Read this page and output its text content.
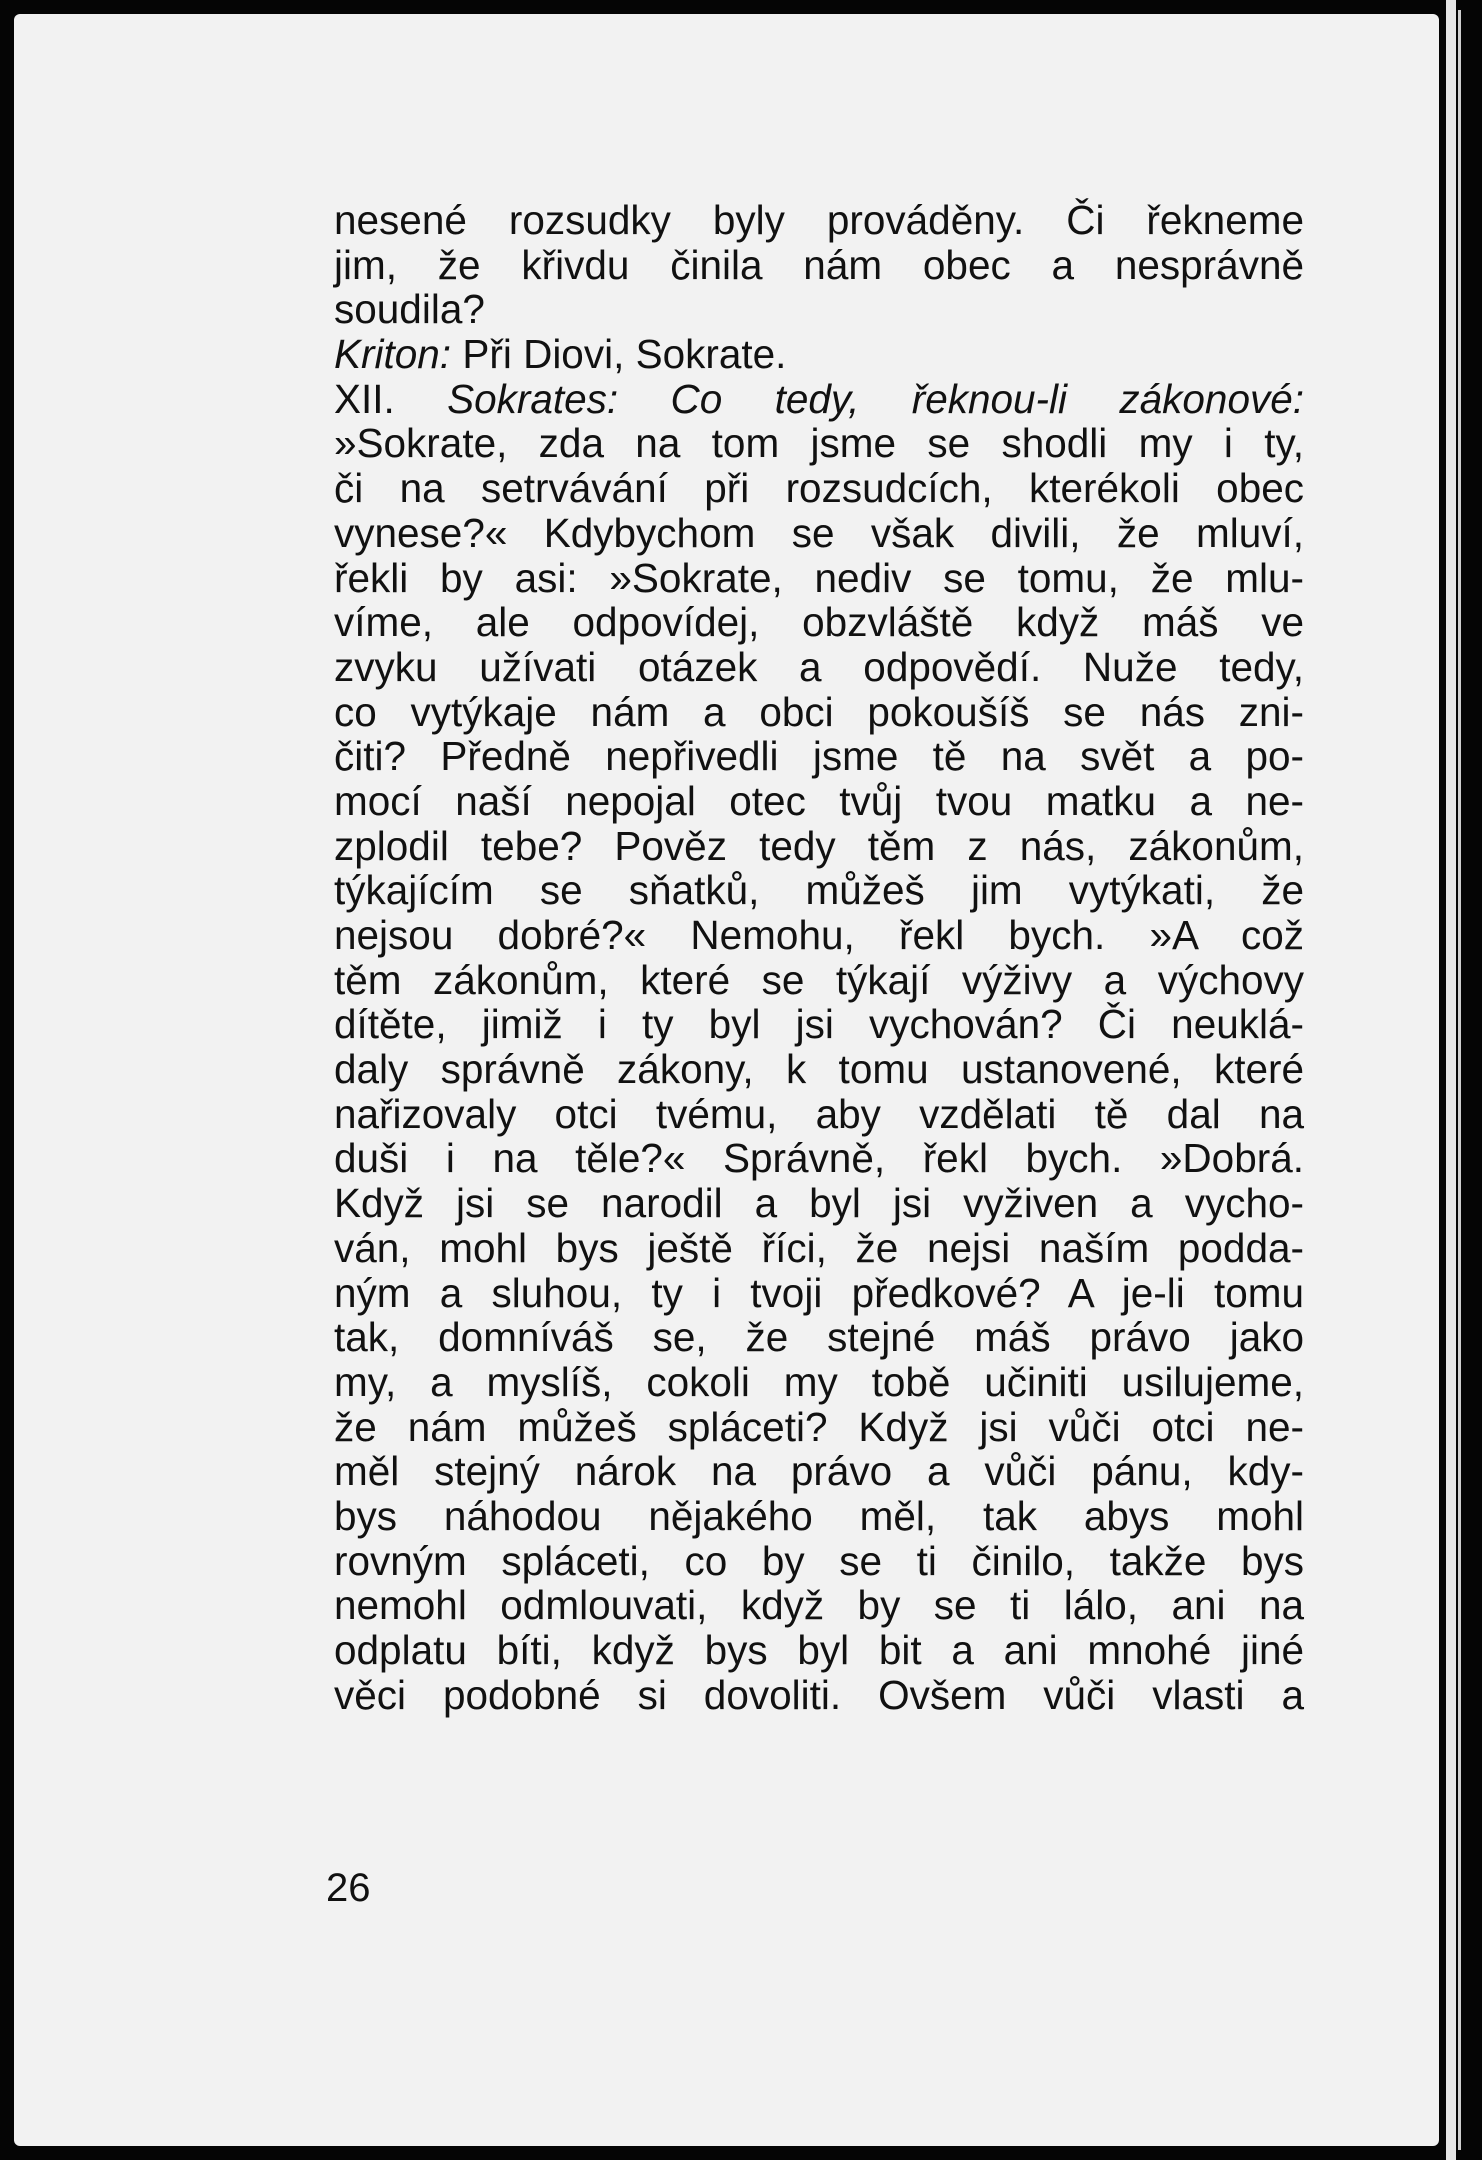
nesené rozsudky byly prováděny. Či řekneme
jim, že křivdu činila nám obec a nesprávně
soudila?
Kriton: Při Diovi, Sokrate.
XII. Sokrates: Co tedy, řeknou-li zákonové:
»Sokrate, zda na tom jsme se shodli my i ty,
či na setrvávání při rozsudcích, kterékoli obec
vynese?« Kdybychom se však divili, že mluví,
řekli by asi: »Sokrate, nediv se tomu, že mlu-
víme, ale odpovídej, obzvláště když máš ve
zvyku užívati otázek a odpovědí. Nuže tedy,
co vytýkaje nám a obci pokoušíš se nás zni-
čiti? Předně nepřivedli jsme tě na svět a po-
mocí naší nepojal otec tvůj tvou matku a ne-
zplodil tebe? Pověz tedy těm z nás, zákonům,
týkajícím se sňatků, můžeš jim vytýkati, že
nejsou dobré?« Nemohu, řekl bych. »A což
těm zákonům, které se týkají výživy a výchovy
dítěte, jimiž i ty byl jsi vychován? Či neuklá-
daly správně zákony, k tomu ustanovené, které
nařizovaly otci tvému, aby vzdělati tě dal na
duši i na těle?« Správně, řekl bych. »Dobrá.
Když jsi se narodil a byl jsi vyživen a vycho-
ván, mohl bys ještě říci, že nejsi naším podda-
ným a sluhou, ty i tvoji předkové? A je-li tomu
tak, domníváš se, že stejné máš právo jako
my, a myslíš, cokoli my tobě učiniti usilujeme,
že nám můžeš spláceti? Když jsi vůči otci ne-
měl stejný nárok na právo a vůči pánu, kdy-
bys náhodou nějakého měl, tak abys mohl
rovným spláceti, co by se ti činilo, takže bys
nemohl odmlouvati, když by se ti lálo, ani na
odplatu bíti, když bys byl bit a ani mnohé jiné
věci podobné si dovoliti. Ovšem vůči vlasti a
26
